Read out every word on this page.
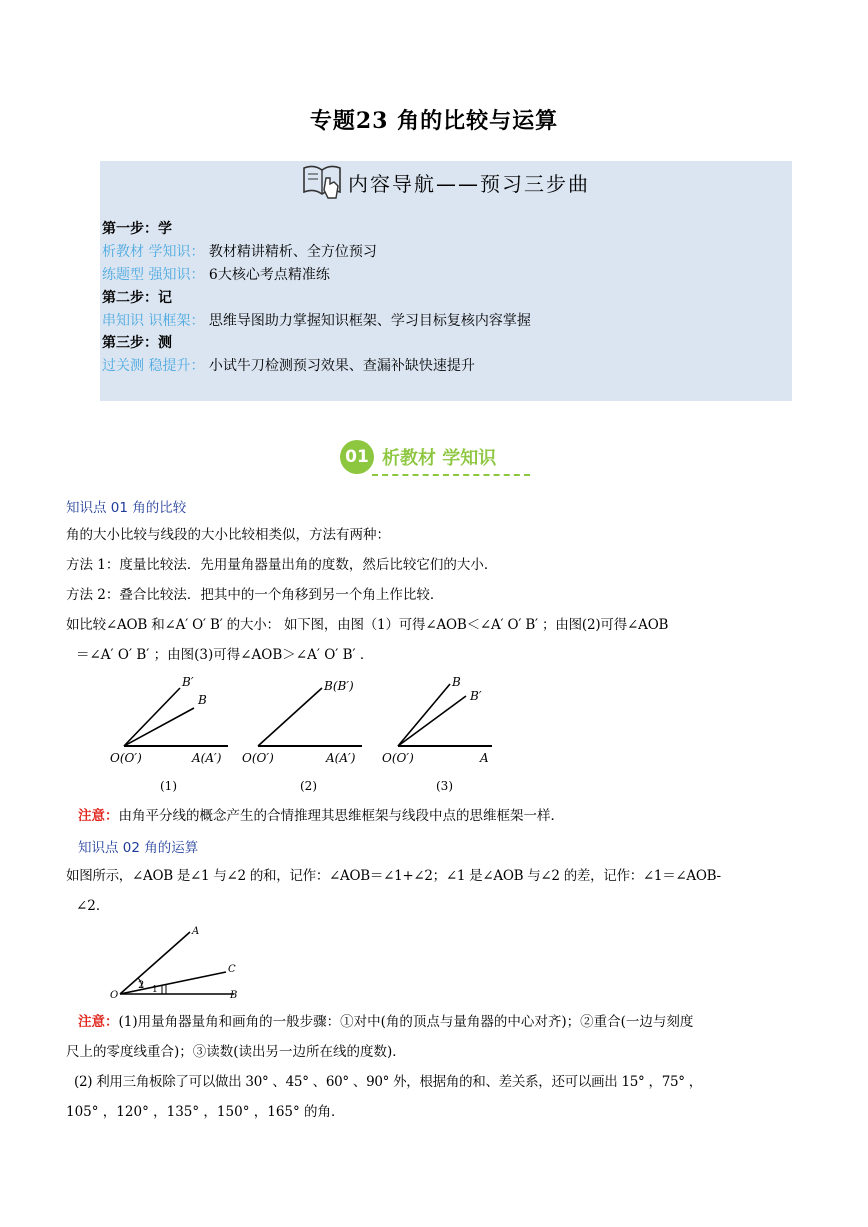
专题23 角的比较与运算
内容导航——预习三步曲
第一步：学
析教材 学知识： 教材精讲精析、全方位预习
练题型 强知识： 6大核心考点精准练
第二步：记
串知识 识框架： 思维导图助力掌握知识框架、学习目标复核内容掌握
第三步：测
过关测 稳提升： 小试牛刀检测预习效果、查漏补缺快速提升
01 析教材 学知识
知识点 01 角的比较
角的大小比较与线段的大小比较相类似，方法有两种：
方法 1：度量比较法．先用量角器量出角的度数，然后比较它们的大小．
方法 2：叠合比较法．把其中的一个角移到另一个角上作比较．
如比较∠AOB 和∠A′ O′ B′ 的大小： 如下图，由图（1）可得∠AOB＜∠A′ O′ B′ ；由图(2)可得∠AOB
＝∠A′ O′ B′ ；由图(3)可得∠AOB＞∠A′ O′ B′ ．
B′
B
O(O′)	A(A′)
(1)
B(B′)
O(O′)	A(A′)
(2)
B
B′
O(O′)	A
(3)
注意：由角平分线的概念产生的合情推理其思维框架与线段中点的思维框架一样．
知识点 02 角的运算
如图所示，∠AOB 是∠1 与∠2 的和，记作：∠AOB＝∠1+∠2；∠1 是∠AOB 与∠2 的差，记作：∠1＝∠AOB-
∠2．
A
C
O
2 1	B
注意：(1)用量角器量角和画角的一般步骤：①对中(角的顶点与量角器的中心对齐)；②重合(一边与刻度
尺上的零度线重合)；③读数(读出另一边所在线的度数)．
(2) 利用三角板除了可以做出 30° 、45° 、60° 、90° 外，根据角的和、差关系，还可以画出 15° ，75° ，
105° ，120° ，135° ，150° ，165° 的角．
